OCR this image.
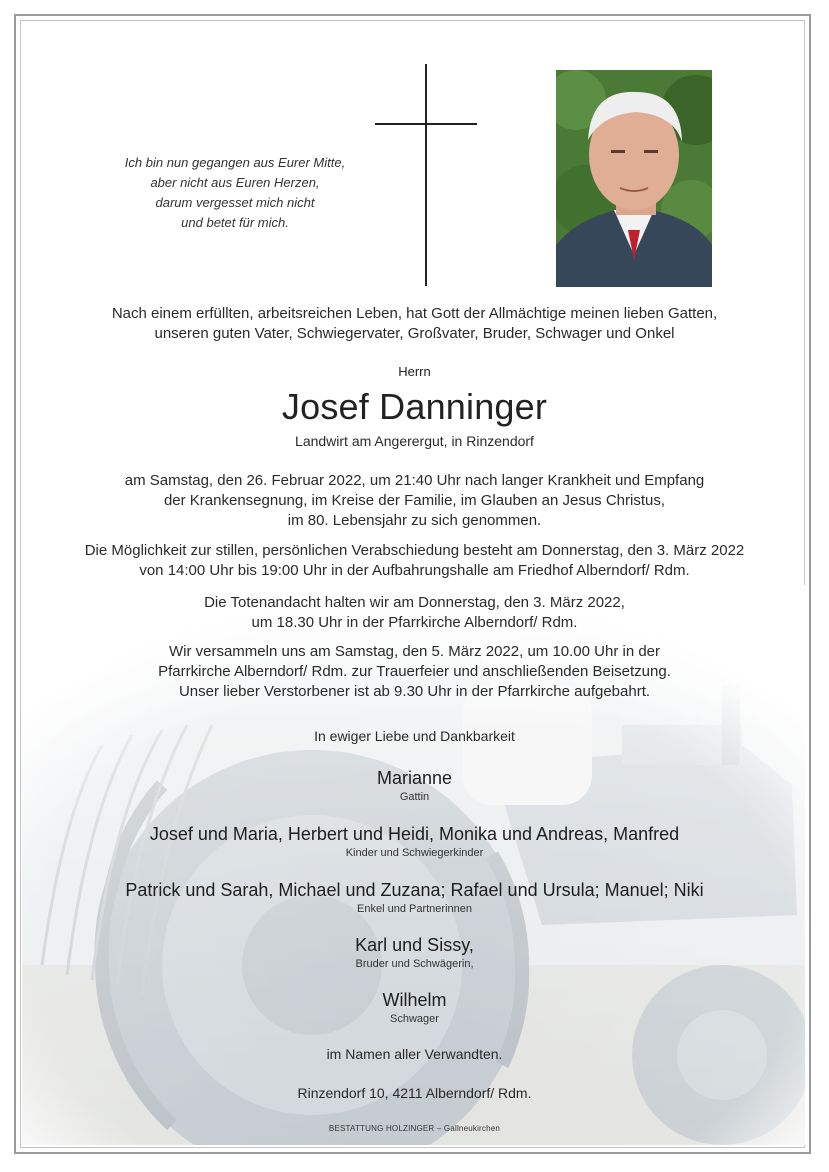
Ich bin nun gegangen aus Eurer Mitte,
aber nicht aus Euren Herzen,
darum vergesset mich nicht
und betet für mich.
Nach einem erfüllten, arbeitsreichen Leben, hat Gott der Allmächtige meinen lieben Gatten,
unseren guten Vater, Schwiegervater, Großvater, Bruder, Schwager und Onkel
Herrn
Josef Danninger
Landwirt am Angerergut, in Rinzendorf
am Samstag, den 26. Februar 2022, um 21:40 Uhr nach langer Krankheit und Empfang
der Krankensegnung, im Kreise der Familie, im Glauben an Jesus Christus,
im 80. Lebensjahr zu sich genommen.
Die Möglichkeit zur stillen, persönlichen Verabschiedung besteht am Donnerstag, den 3. März 2022
von 14:00 Uhr bis 19:00 Uhr in der Aufbahrungshalle am Friedhof Alberndorf/ Rdm.
Die Totenandacht halten wir am Donnerstag, den 3. März 2022,
um 18.30 Uhr in der Pfarrkirche Alberndorf/ Rdm.
Wir versammeln uns am Samstag, den 5. März 2022, um 10.00 Uhr in der
Pfarrkirche Alberndorf/ Rdm. zur Trauerfeier und anschließenden Beisetzung.
Unser lieber Verstorbener ist ab 9.30 Uhr in der Pfarrkirche aufgebahrt.
In ewiger Liebe und Dankbarkeit
Marianne
Gattin
Josef und Maria, Herbert und Heidi, Monika und Andreas, Manfred
Kinder und Schwiegerkinder
Patrick und Sarah, Michael und Zuzana; Rafael und Ursula; Manuel; Niki
Enkel und Partnerinnen
Karl und Sissy,
Bruder und Schwägerin,
Wilhelm
Schwager
im Namen aller Verwandten.
Rinzendorf 10, 4211 Alberndorf/ Rdm.
BESTATTUNG HOLZINGER – Gallneukirchen
